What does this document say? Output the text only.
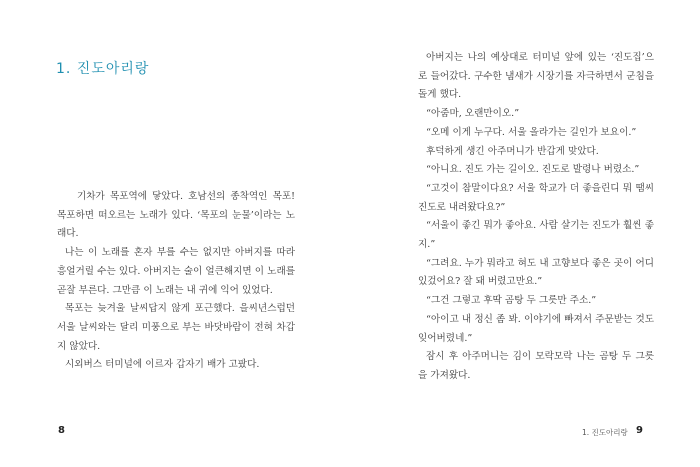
1. 진도아리랑

기차가 목포역에 닿았다. 호남선의 종착역인 목포! 목포하면 떠오르는 노래가 있다. ‘목포의 눈물’이라는 노래다.

나는 이 노래를 혼자 부를 수는 없지만 아버지를 따라 흥얼거릴 수는 있다. 아버지는 술이 얼큰해지면 이 노래를 곧잘 부른다. 그만큼 이 노래는 내 귀에 익어 있었다.

목포는 늦겨울 날씨답지 않게 포근했다. 을씨년스럽던 서울 날씨와는 달리 미풍으로 부는 바닷바람이 전혀 차갑지 않았다.

시외버스 터미널에 이르자 갑자기 배가 고팠다.

8

아버지는 나의 예상대로 터미널 앞에 있는 ‘진도집’으로 들어갔다. 구수한 냄새가 시장기를 자극하면서 군침을 돌게 했다.

“아줌마, 오랜만이오.”

“오메 이게 누구다. 서울 올라가는 길인가 보요이.”

후덕하게 생긴 아주머니가 반갑게 맞았다.

“아니요. 진도 가는 길이오. 진도로 발령나 버렸소.”

“고것이 참말이다요? 서울 학교가 더 좋을린디 뭐 땜씨 진도로 내려왔다요?”

“서울이 좋긴 뭐가 좋아요. 사람 살기는 진도가 훨씬 좋지.”

“그려요. 누가 뭐라고 혀도 내 고향보다 좋은 곳이 어디 있겄어요? 잘 돼 버렸고만요.”

“그건 그렇고 후딱 곰탕 두 그릇만 주소.”

“아이고 내 정신 좀 봐. 이야기에 빠져서 주문받는 것도 잊어버렸네.”

잠시 후 아주머니는 김이 모락모락 나는 곰탕 두 그릇을 가져왔다.

1. 진도아리랑 9
